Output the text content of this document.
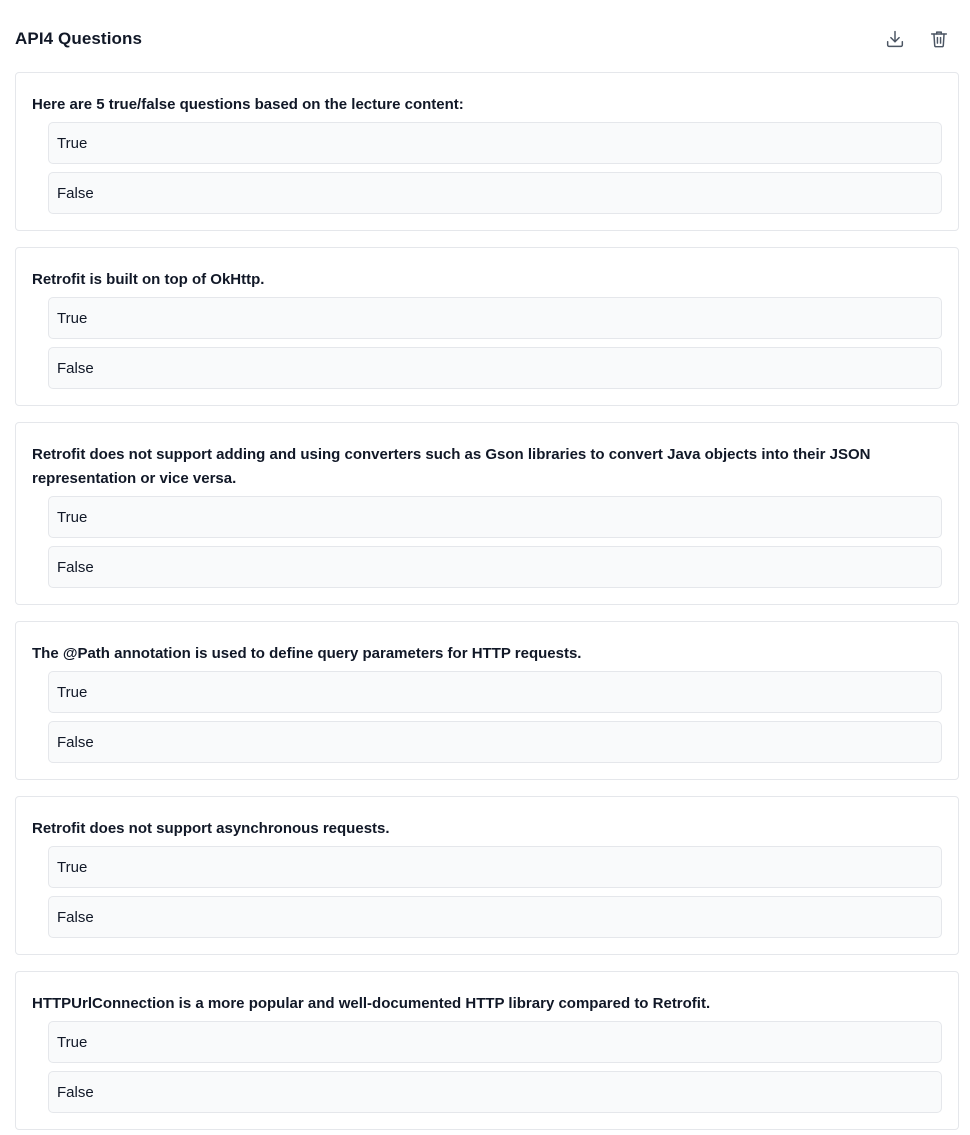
API4 Questions
Here are 5 true/false questions based on the lecture content:
True
False
Retrofit is built on top of OkHttp.
True
False
Retrofit does not support adding and using converters such as Gson libraries to convert Java objects into their JSON representation or vice versa.
True
False
The @Path annotation is used to define query parameters for HTTP requests.
True
False
Retrofit does not support asynchronous requests.
True
False
HTTPUrlConnection is a more popular and well-documented HTTP library compared to Retrofit.
True
False
